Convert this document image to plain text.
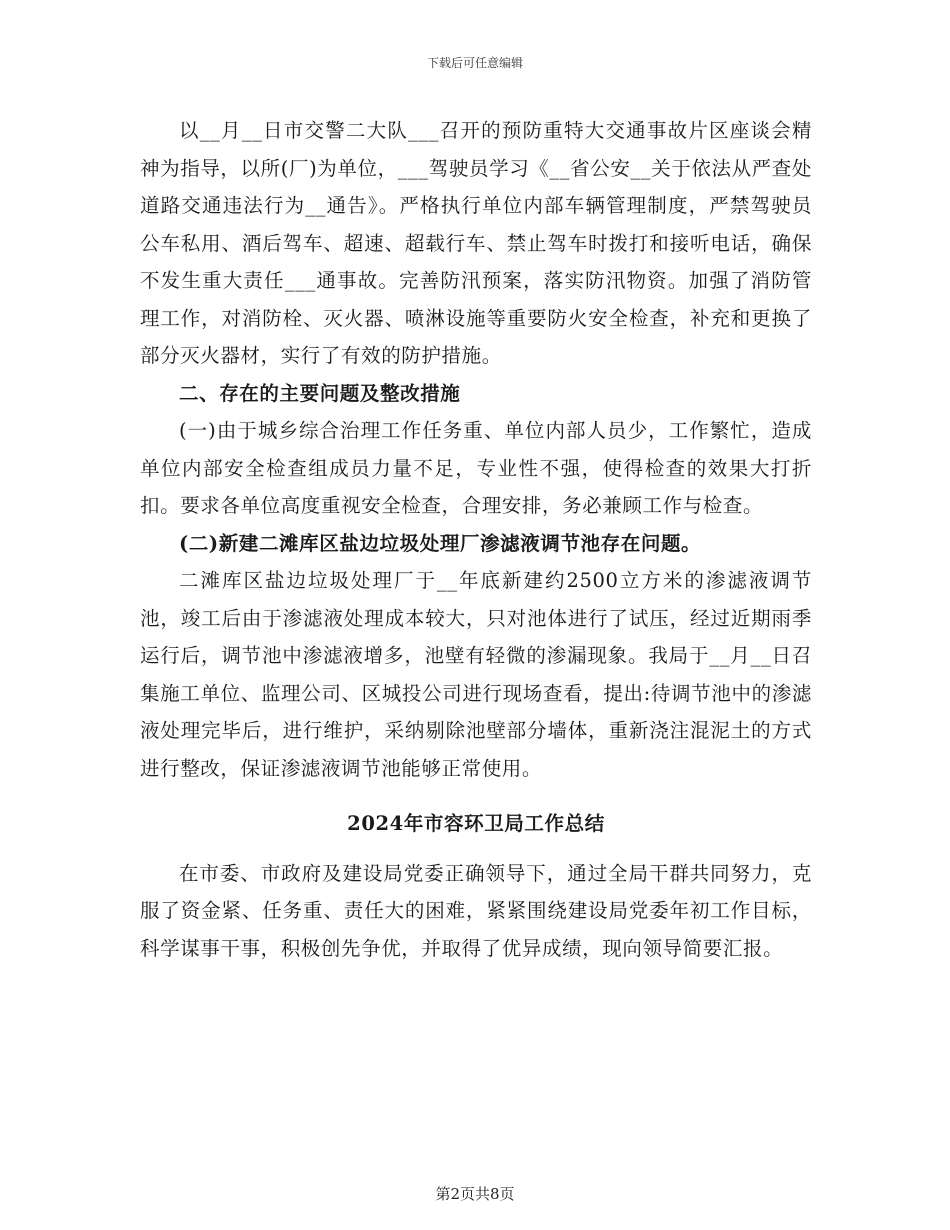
下载后可任意编辑

以__月__日市交警二大队___召开的预防重特大交通事故片区座谈会精神为指导，以所(厂)为单位，___驾驶员学习《__省公安__关于依法从严查处道路交通违法行为__通告》。严格执行单位内部车辆管理制度，严禁驾驶员公车私用、酒后驾车、超速、超载行车、禁止驾车时拨打和接听电话，确保不发生重大责任___通事故。完善防汛预案，落实防汛物资。加强了消防管理工作，对消防栓、灭火器、喷淋设施等重要防火安全检查，补充和更换了部分灭火器材，实行了有效的防护措施。

二、存在的主要问题及整改措施

(一)由于城乡综合治理工作任务重、单位内部人员少，工作繁忙，造成单位内部安全检查组成员力量不足，专业性不强，使得检查的效果大打折扣。要求各单位高度重视安全检查，合理安排，务必兼顾工作与检查。

(二)新建二滩库区盐边垃圾处理厂渗滤液调节池存在问题。

二滩库区盐边垃圾处理厂于__年底新建约2500立方米的渗滤液调节池，竣工后由于渗滤液处理成本较大，只对池体进行了试压，经过近期雨季运行后，调节池中渗滤液增多，池壁有轻微的渗漏现象。我局于__月__日召集施工单位、监理公司、区城投公司进行现场查看，提出:待调节池中的渗滤液处理完毕后，进行维护，采纳剔除池壁部分墙体，重新浇注混泥土的方式进行整改，保证渗滤液调节池能够正常使用。

2024年市容环卫局工作总结

在市委、市政府及建设局党委正确领导下，通过全局干群共同努力，克服了资金紧、任务重、责任大的困难，紧紧围绕建设局党委年初工作目标，科学谋事干事，积极创先争优，并取得了优异成绩，现向领导简要汇报。

第2页共8页
